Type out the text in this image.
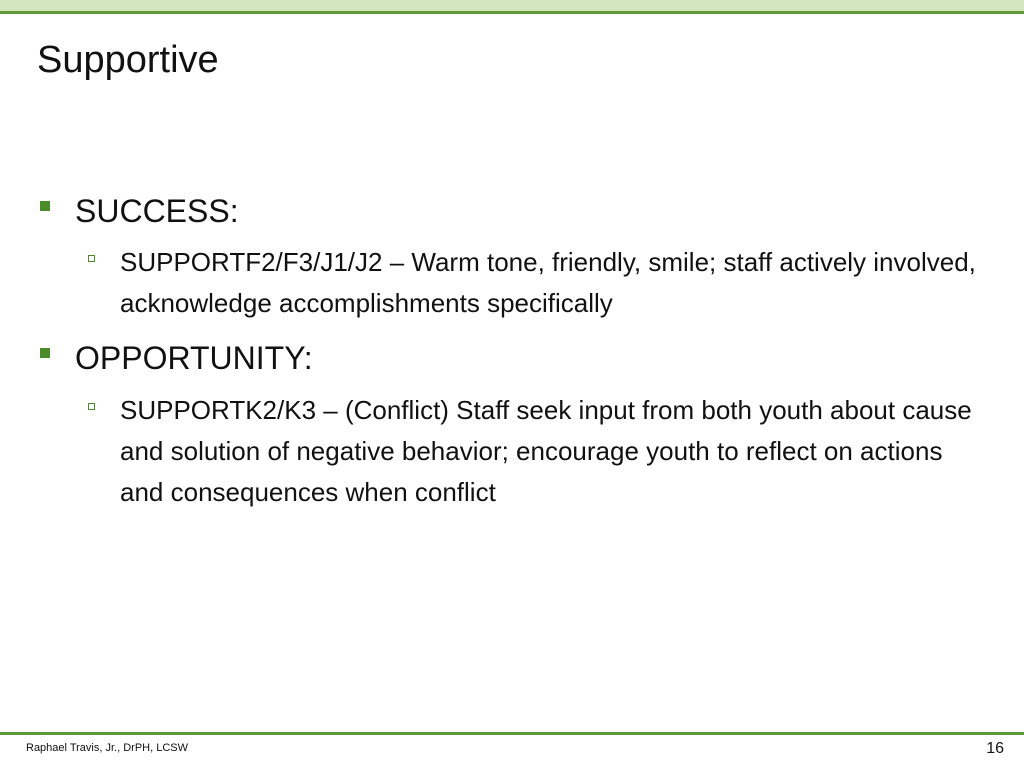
Supportive
SUCCESS:
SUPPORTF2/F3/J1/J2 – Warm tone, friendly, smile; staff actively involved, acknowledge accomplishments specifically
OPPORTUNITY:
SUPPORTK2/K3 – (Conflict) Staff seek input from both youth about cause and solution of negative behavior; encourage youth to reflect on actions and consequences when conflict
Raphael Travis, Jr., DrPH, LCSW	16
